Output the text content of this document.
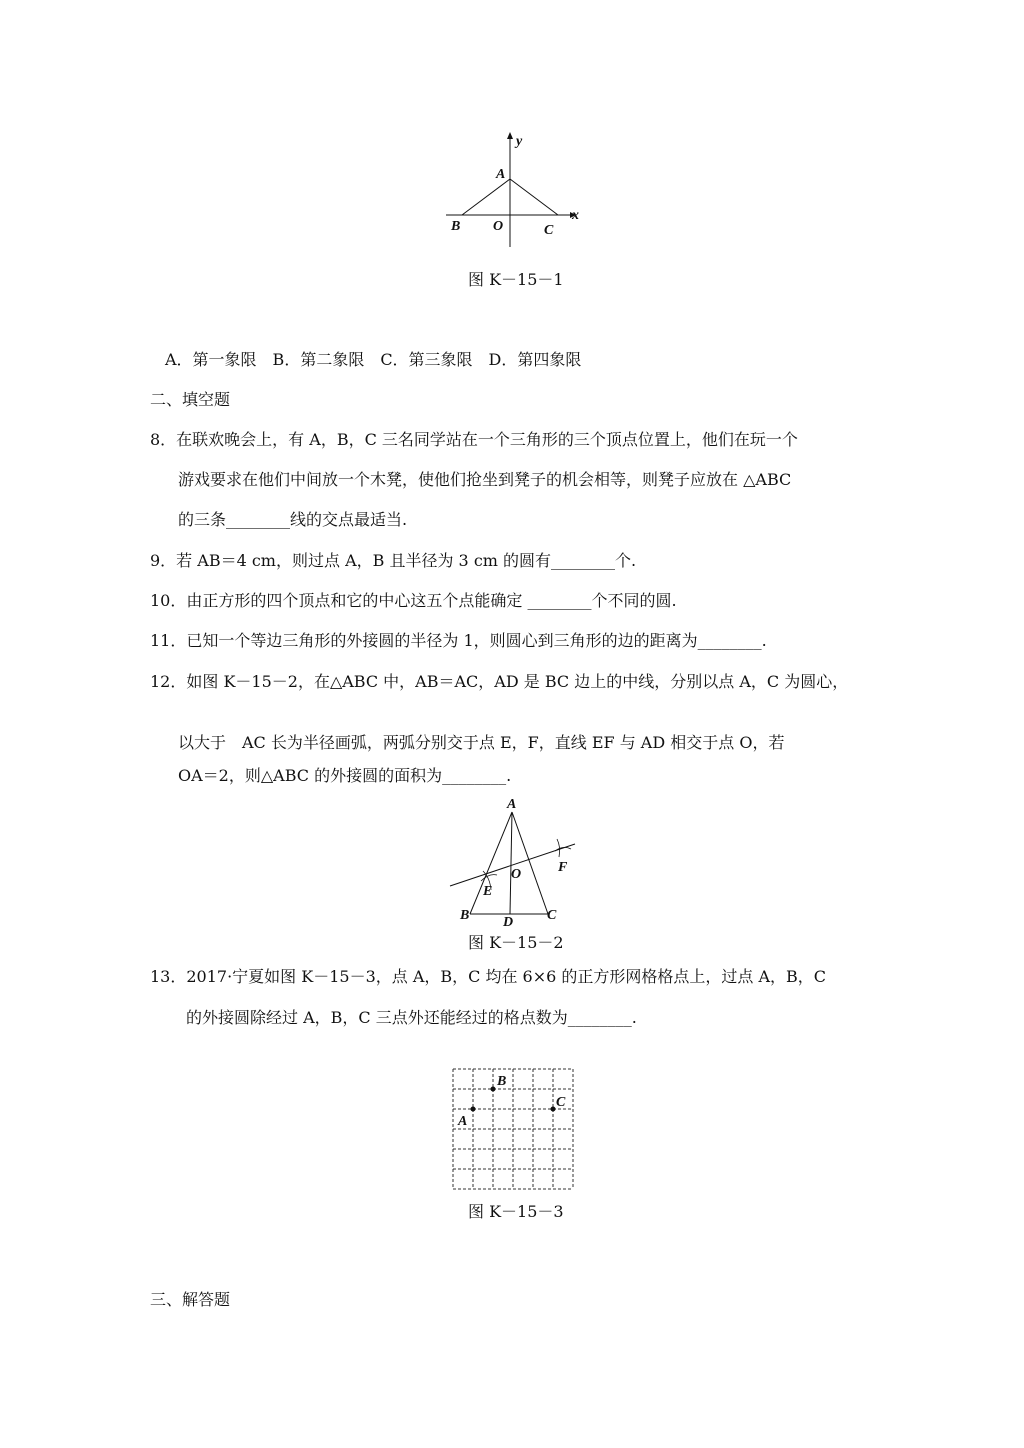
y
x
A
B O	C
图 K－15－1
A．第一象限　B．第二象限　C．第三象限　D．第四象限
二、填空题
8．在联欢晚会上，有 A，B，C 三名同学站在一个三角形的三个顶点位置上，他们在玩一个
游戏要求在他们中间放一个木凳，使他们抢坐到凳子的机会相等，则凳子应放在 △ABC
的三条________线的交点最适当.
9．若 AB＝4 cm，则过点 A，B 且半径为 3 cm 的圆有________个.
10．由正方形的四个顶点和它的中心这五个点能确定 ________个不同的圆.
11．已知一个等边三角形的外接圆的半径为 1，则圆心到三角形的边的距离为________.
12．如图 K－15－2，在△ABC 中，AB＝AC，AD 是 BC 边上的中线，分别以点 A，C 为圆心，
以大于　AC 长为半径画弧，两弧分别交于点 E，F，直线 EF 与 AD 相交于点 O，若
OA＝2，则△ABC 的外接圆的面积为________.
A
O
E
F
B D C
图 K－15－2
13．2017·宁夏如图 K－15－3，点 A，B，C 均在 6×6 的正方形网格格点上，过点 A，B，C
的外接圆除经过 A，B，C 三点外还能经过的格点数为________.
A
B
C
图 K－15－3
三、解答题
